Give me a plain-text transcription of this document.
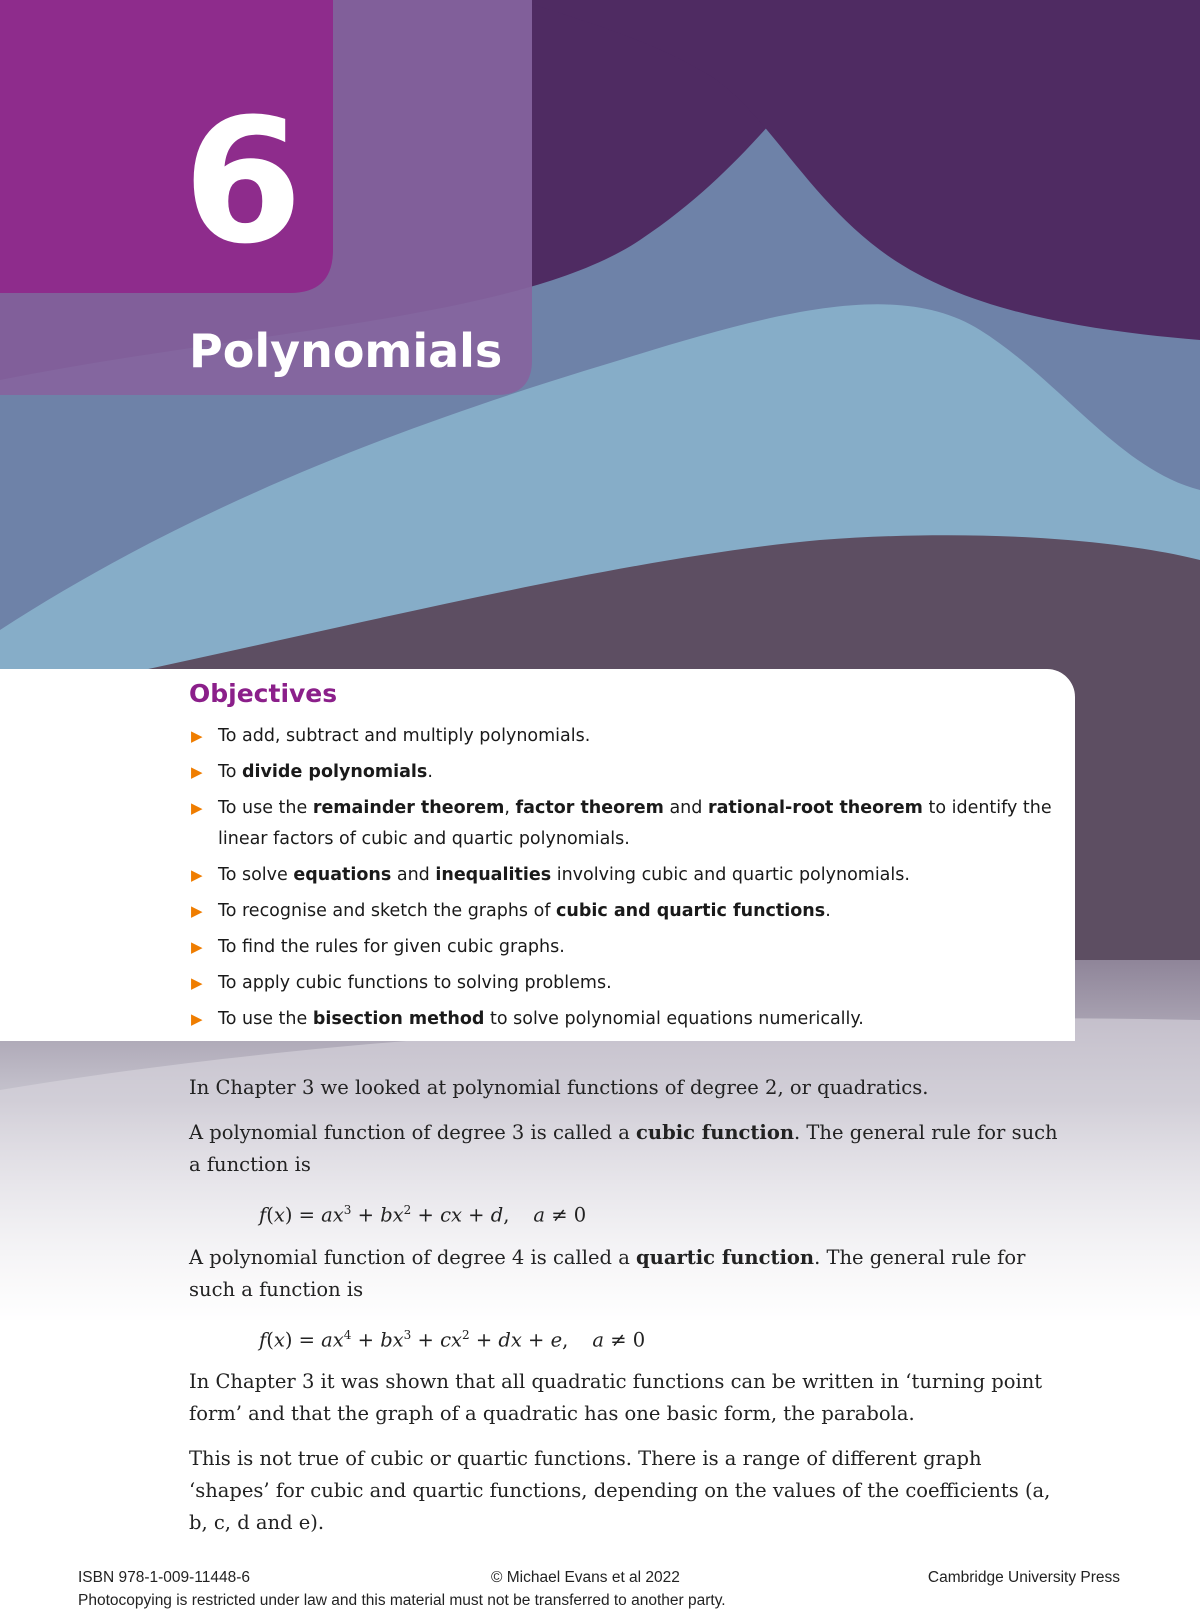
6
Polynomials
Objectives
▶ To add, subtract and multiply polynomials.
▶ To divide polynomials.
▶ To use the remainder theorem, factor theorem and rational-root theorem to identify the linear factors of cubic and quartic polynomials.
▶ To solve equations and inequalities involving cubic and quartic polynomials.
▶ To recognise and sketch the graphs of cubic and quartic functions.
▶ To find the rules for given cubic graphs.
▶ To apply cubic functions to solving problems.
▶ To use the bisection method to solve polynomial equations numerically.

In Chapter 3 we looked at polynomial functions of degree 2, or quadratics.

A polynomial function of degree 3 is called a cubic function. The general rule for such a function is

$f(x) = ax^3 + bx^2$ + cx + d, a ≠ 0

A polynomial function of degree 4 is called a quartic function. The general rule for such a function is

$f(x) = ax^4 + bx^3 + cx^2$ + dx + e, a ≠ 0

In Chapter 3 it was shown that all quadratic functions can be written in ‘turning point form’ and that the graph of a quadratic has one basic form, the parabola.

This is not true of cubic or quartic functions. There is a range of different graph ‘shapes’ for cubic and quartic functions, depending on the values of the coefficients (a, b, c, d and e).

ISBN 978-1-009-11448-6	© Michael Evans et al 2022	Cambridge University Press
Photocopying is restricted under law and this material must not be transferred to another party.
